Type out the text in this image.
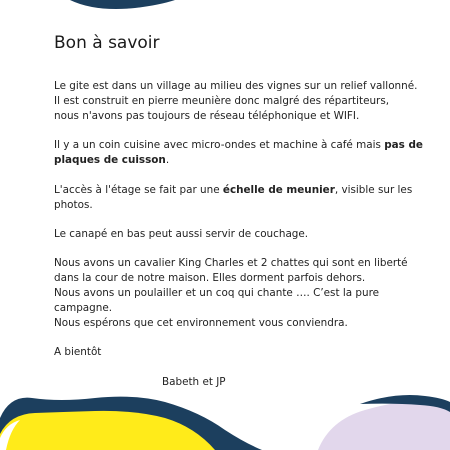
Bon à savoir

Le gite est dans un village au milieu des vignes sur un relief vallonné.
Il est construit en pierre meunière donc malgré des répartiteurs,
nous n'avons pas toujours de réseau téléphonique et WIFI.

Il y a un coin cuisine avec micro-ondes et machine à café mais pas de
plaques de cuisson.

L'accès à l'étage se fait par une échelle de meunier, visible sur les
photos.

Le canapé en bas peut aussi servir de couchage.

Nous avons un cavalier King Charles et 2 chattes qui sont en liberté
dans la cour de notre maison. Elles dorment parfois dehors.
Nous avons un poulailler et un coq qui chante …. C’est la pure
campagne.
Nous espérons que cet environnement vous conviendra.

A bientôt

Babeth et JP
